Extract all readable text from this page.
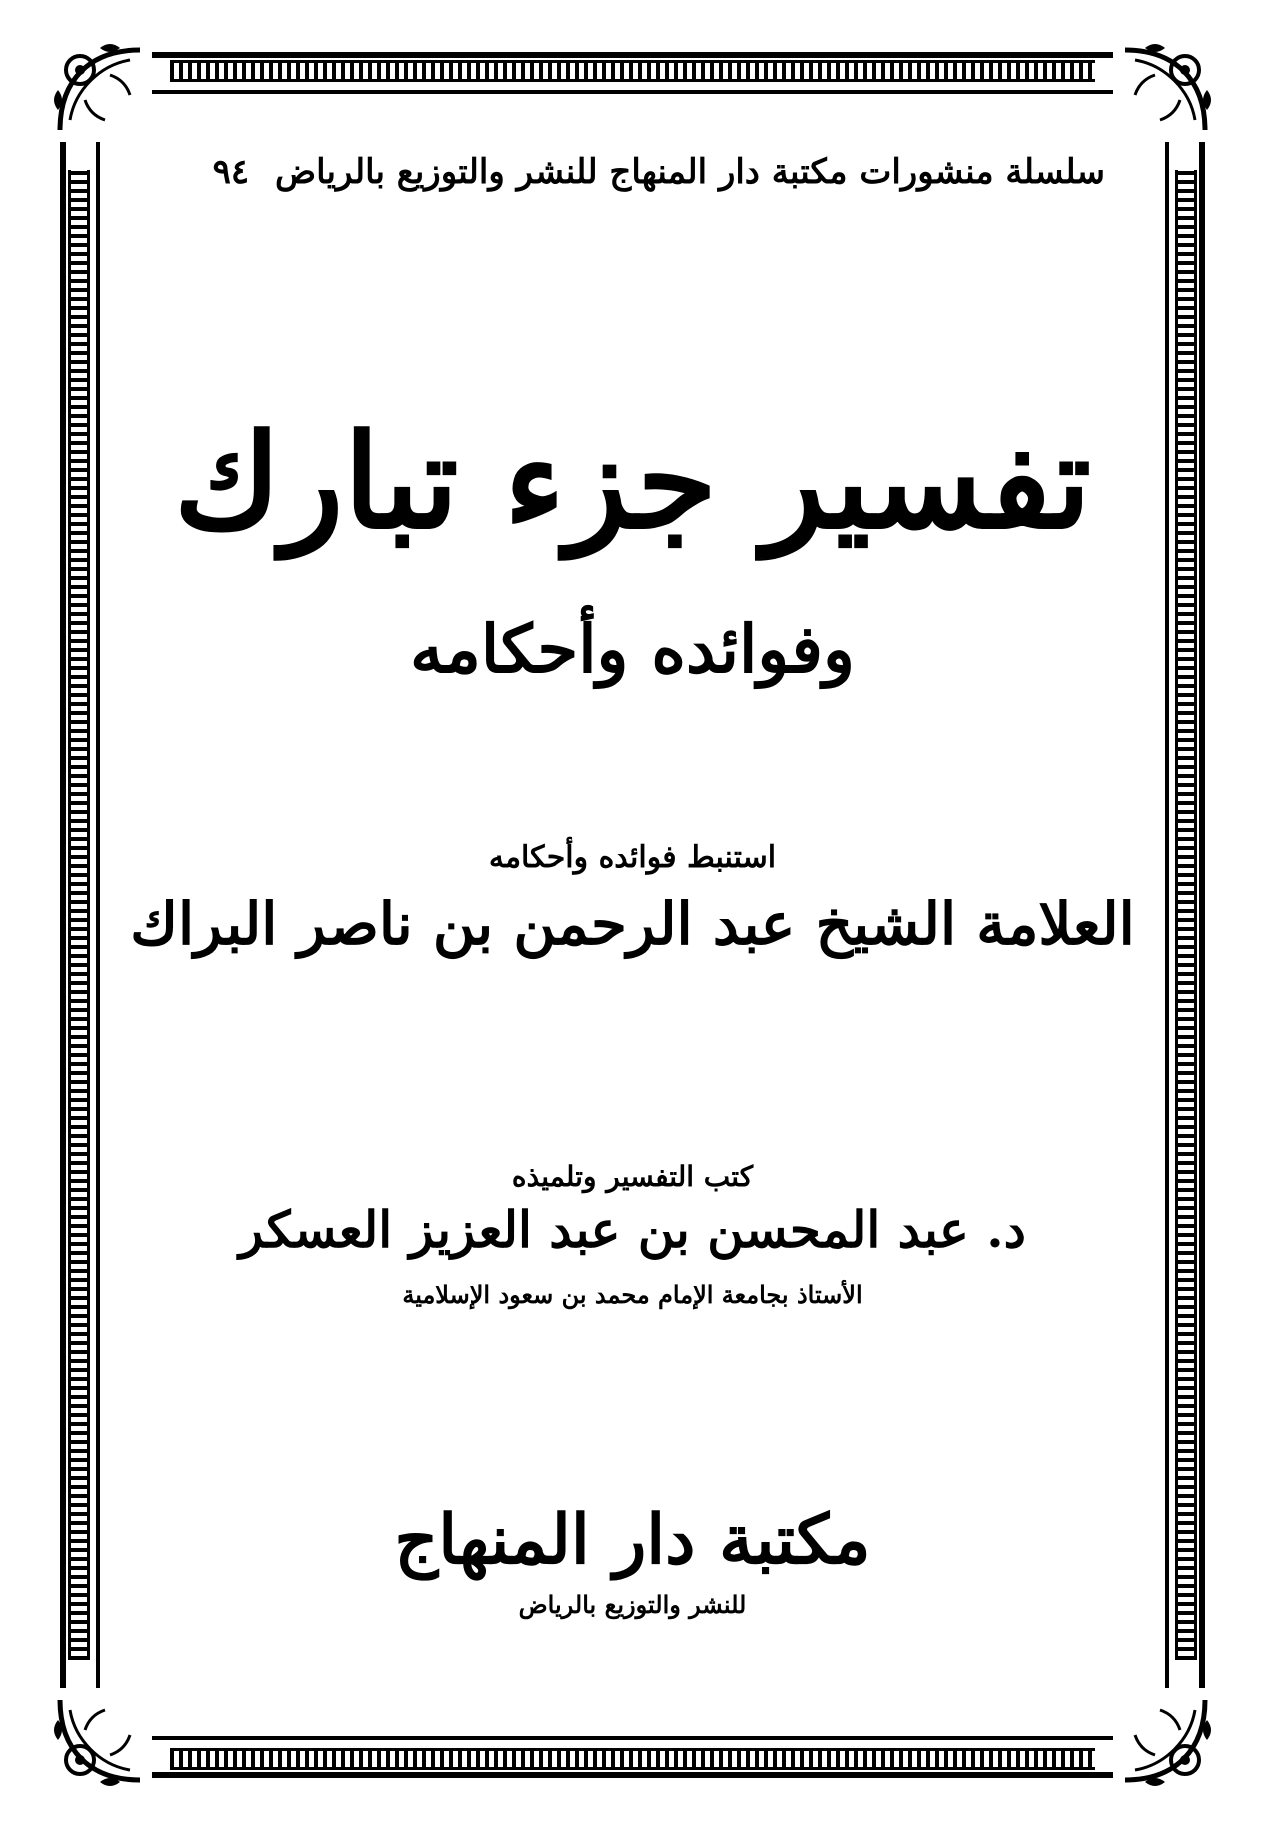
سلسلة منشورات مكتبة دار المنهاج للنشر والتوزيع بالرياض ٩٤
تفسير جزء تبارك
وفوائده وأحكامه
استنبط فوائده وأحكامه
العلامة الشيخ عبد الرحمن بن ناصر البراك
كتب التفسير وتلميذه
د. عبد المحسن بن عبد العزيز العسكر
الأستاذ بجامعة الإمام محمد بن سعود الإسلامية
مكتبة دار المنهاج
للنشر والتوزيع بالرياض
